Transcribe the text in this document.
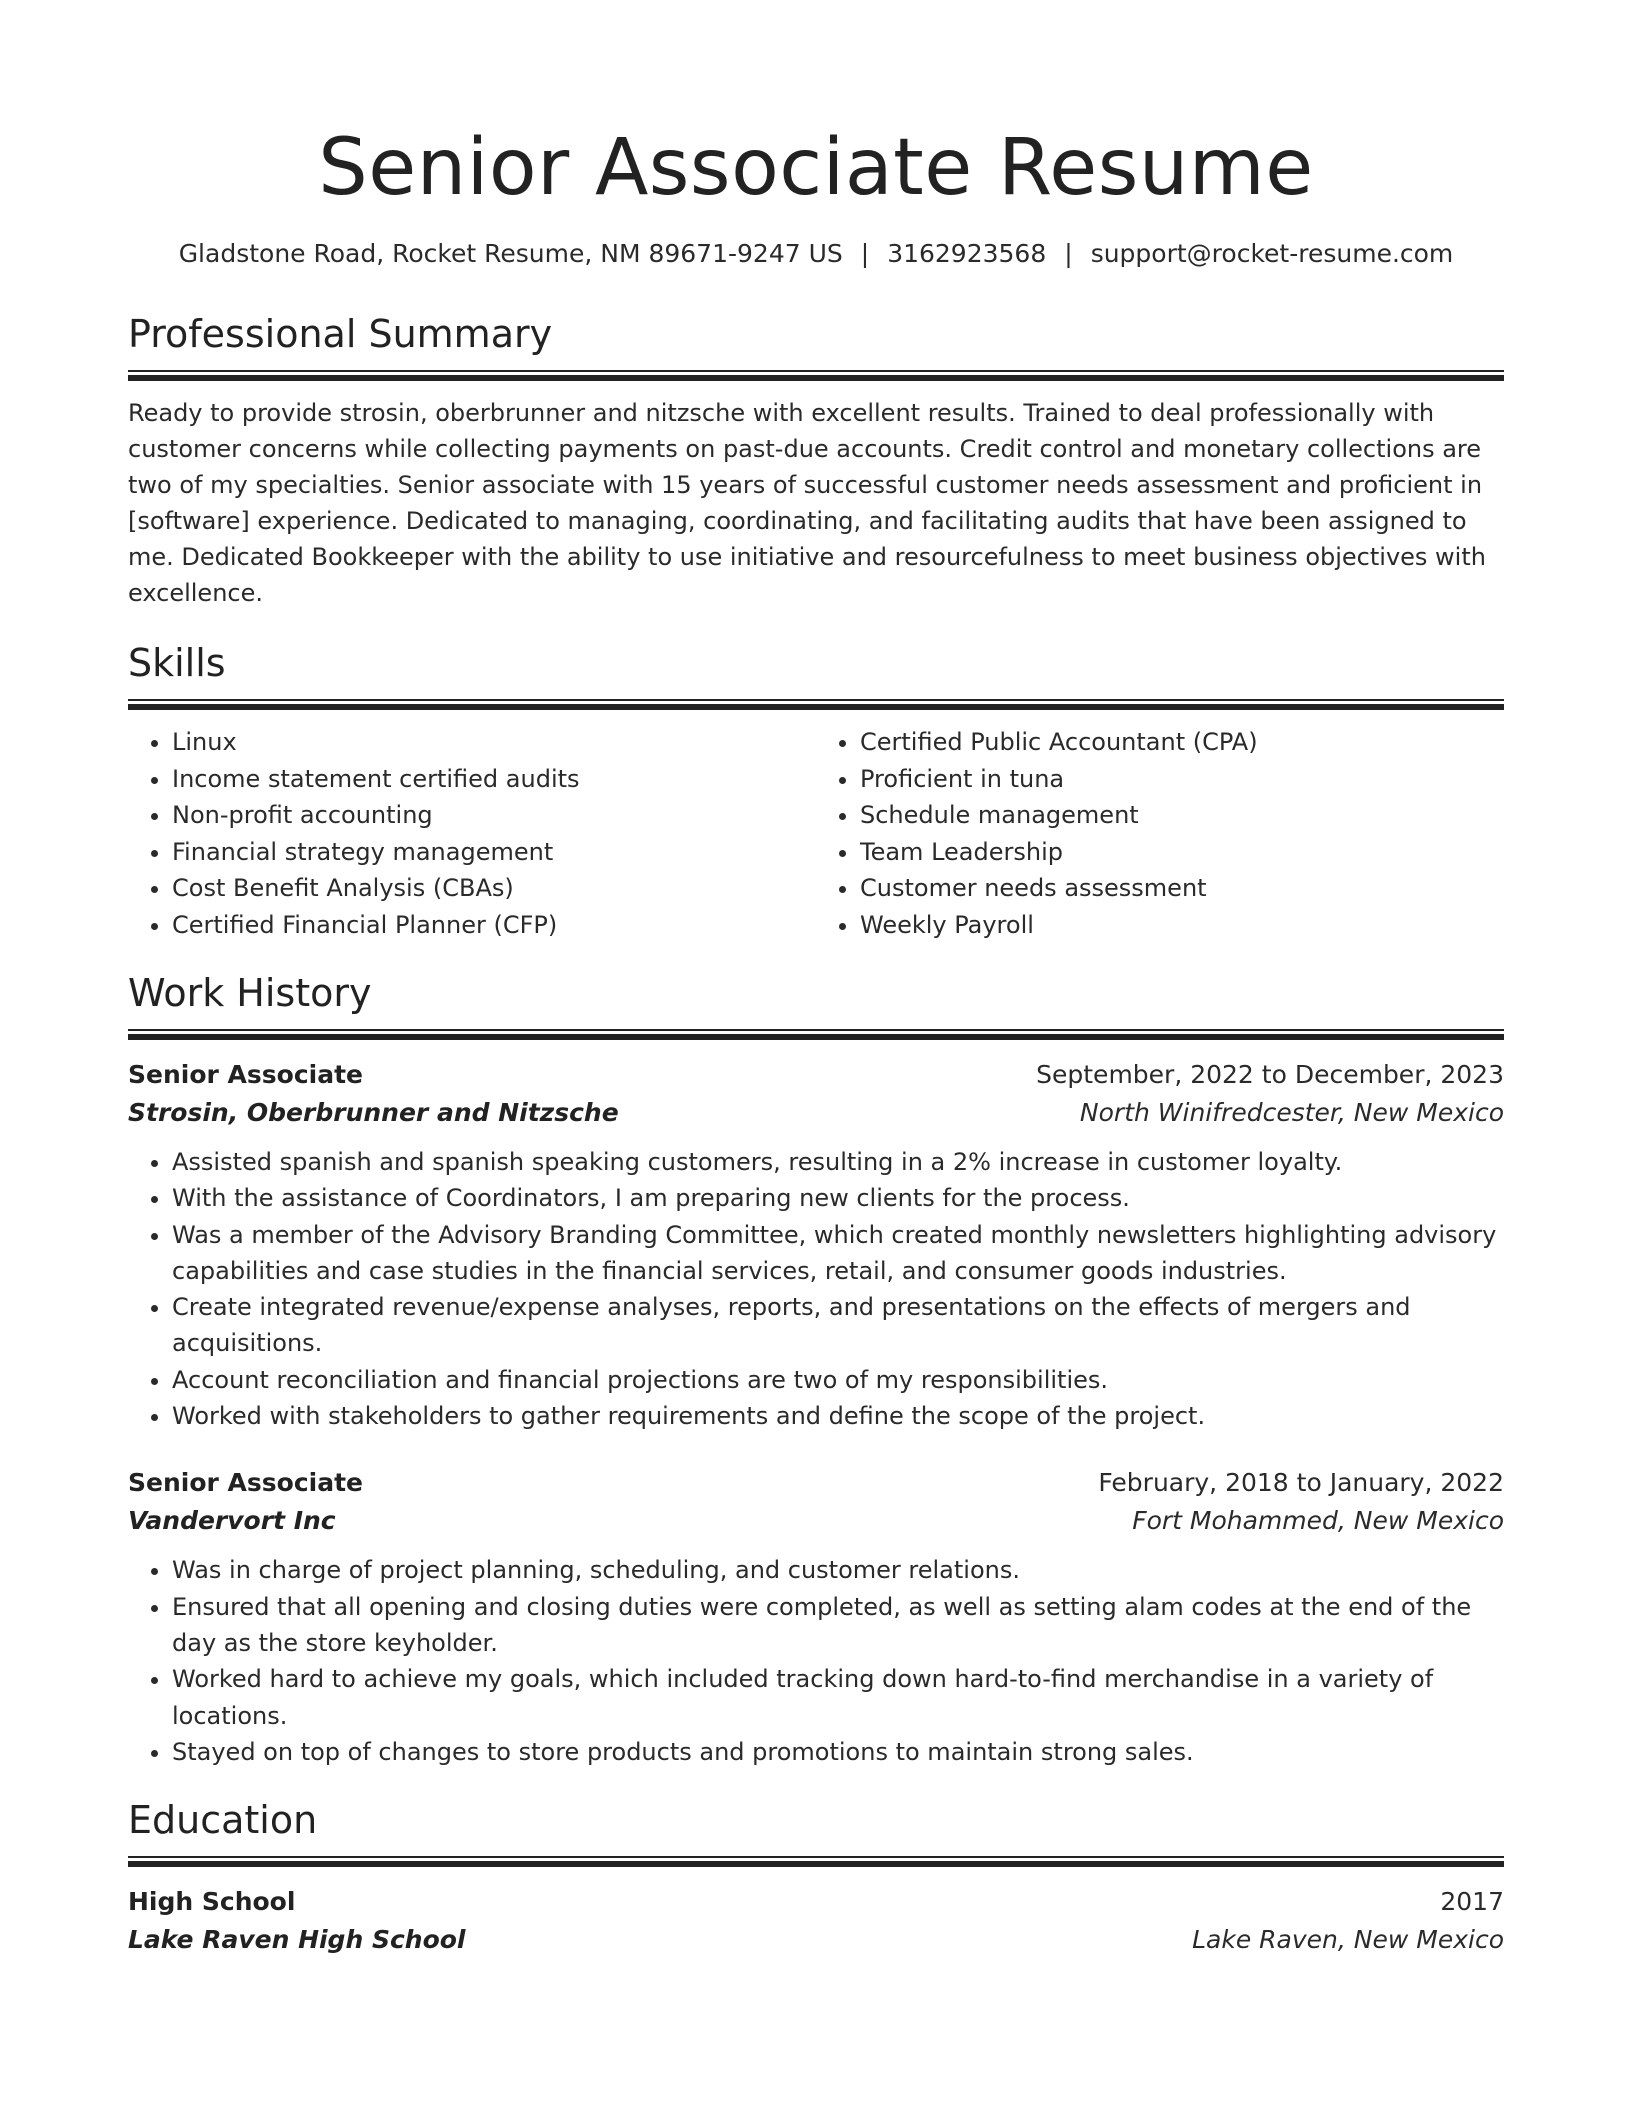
Senior Associate Resume
Gladstone Road, Rocket Resume, NM 89671-9247 US | 3162923568 | support@rocket-resume.com
Professional Summary
Ready to provide strosin, oberbrunner and nitzsche with excellent results. Trained to deal professionally with customer concerns while collecting payments on past-due accounts. Credit control and monetary collections are two of my specialties. Senior associate with 15 years of successful customer needs assessment and proficient in [software] experience. Dedicated to managing, coordinating, and facilitating audits that have been assigned to me. Dedicated Bookkeeper with the ability to use initiative and resourcefulness to meet business objectives with excellence.
Skills
• Linux
• Income statement certified audits
• Non-profit accounting
• Financial strategy management
• Cost Benefit Analysis (CBAs)
• Certified Financial Planner (CFP)
• Certified Public Accountant (CPA)
• Proficient in tuna
• Schedule management
• Team Leadership
• Customer needs assessment
• Weekly Payroll
Work History
Senior Associate	September, 2022 to December, 2023
Strosin, Oberbrunner and Nitzsche	North Winifredcester, New Mexico
• Assisted spanish and spanish speaking customers, resulting in a 2% increase in customer loyalty.
• With the assistance of Coordinators, I am preparing new clients for the process.
• Was a member of the Advisory Branding Committee, which created monthly newsletters highlighting advisory capabilities and case studies in the financial services, retail, and consumer goods industries.
• Create integrated revenue/expense analyses, reports, and presentations on the effects of mergers and acquisitions.
• Account reconciliation and financial projections are two of my responsibilities.
• Worked with stakeholders to gather requirements and define the scope of the project.
Senior Associate	February, 2018 to January, 2022
Vandervort Inc	Fort Mohammed, New Mexico
• Was in charge of project planning, scheduling, and customer relations.
• Ensured that all opening and closing duties were completed, as well as setting alam codes at the end of the day as the store keyholder.
• Worked hard to achieve my goals, which included tracking down hard-to-find merchandise in a variety of locations.
• Stayed on top of changes to store products and promotions to maintain strong sales.
Education
High School	2017
Lake Raven High School	Lake Raven, New Mexico
